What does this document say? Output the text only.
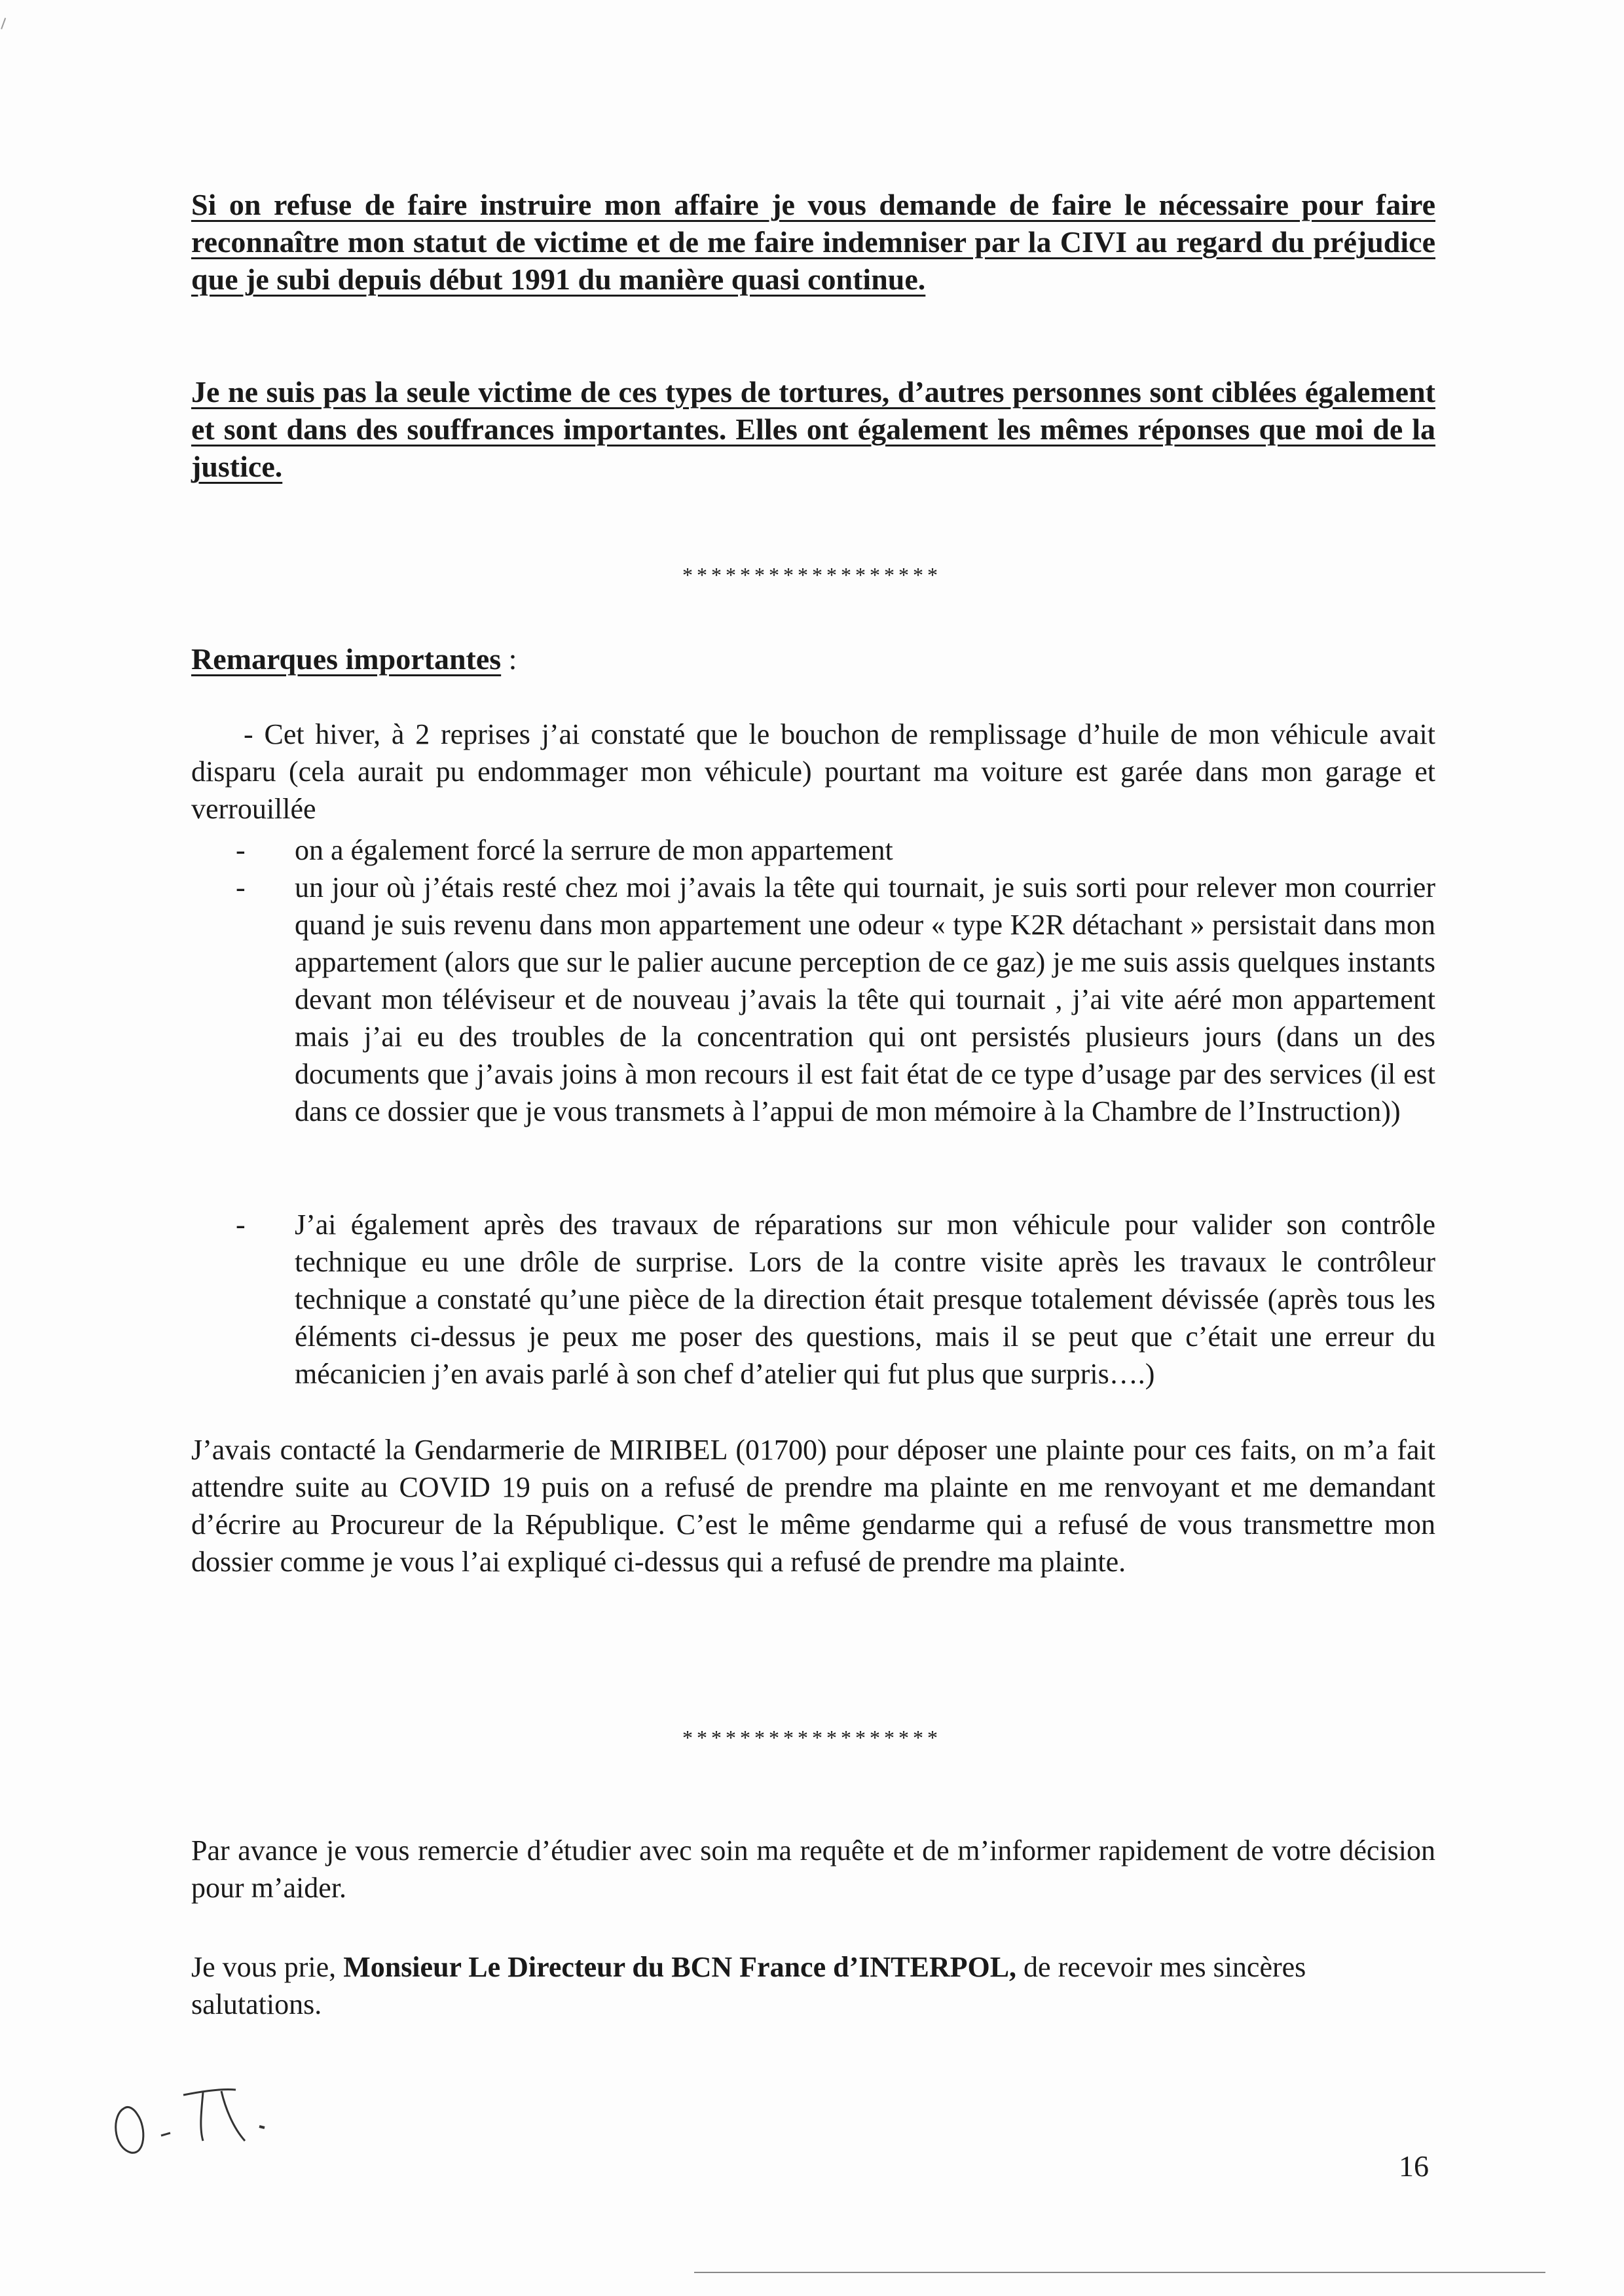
Si on refuse de faire instruire mon affaire je vous demande de faire le nécessaire pour faire reconnaître mon statut de victime et de me faire indemniser par la CIVI au regard du préjudice que je subi depuis début 1991 du manière quasi continue.
Je ne suis pas la seule victime de ces types de tortures, d’autres personnes sont ciblées également et sont dans des souffrances importantes. Elles ont également les mêmes réponses que moi de la justice.
******************
Remarques importantes :
- Cet hiver, à 2 reprises j’ai constaté que le bouchon de remplissage d’huile de mon véhicule avait disparu (cela aurait pu endommager mon véhicule) pourtant ma voiture est garée dans mon garage et verrouillée
- on a également forcé la serrure de mon appartement
- un jour où j’étais resté chez moi j’avais la tête qui tournait, je suis sorti pour relever mon courrier quand je suis revenu dans mon appartement une odeur « type K2R détachant » persistait dans mon appartement (alors que sur le palier aucune perception de ce gaz) je me suis assis quelques instants devant mon téléviseur et de nouveau j’avais la tête qui tournait , j’ai vite aéré mon appartement mais j’ai eu des troubles de la concentration qui ont persistés plusieurs jours (dans un des documents que j’avais joins à mon recours il est fait état de ce type d’usage par des services (il est dans ce dossier que je vous transmets à l’appui de mon mémoire à la Chambre de l’Instruction))
- J’ai également après des travaux de réparations sur mon véhicule pour valider son contrôle technique eu une drôle de surprise. Lors de la contre visite après les travaux le contrôleur technique a constaté qu’une pièce de la direction était presque totalement dévissée (après tous les éléments ci-dessus je peux me poser des questions, mais il se peut que c’était une erreur du mécanicien j’en avais parlé à son chef d’atelier qui fut plus que surpris….)
J’avais contacté la Gendarmerie de MIRIBEL (01700) pour déposer une plainte pour ces faits, on m’a fait attendre suite au COVID 19 puis on a refusé de prendre ma plainte en me renvoyant et me demandant d’écrire au Procureur de la République. C’est le même gendarme qui a refusé de vous transmettre mon dossier comme je vous l’ai expliqué ci-dessus qui a refusé de prendre ma plainte.
******************
Par avance je vous remercie d’étudier avec soin ma requête et de m’informer rapidement de votre décision pour m’aider.
Je vous prie, Monsieur Le Directeur du BCN France d’INTERPOL, de recevoir mes sincères salutations.
16
